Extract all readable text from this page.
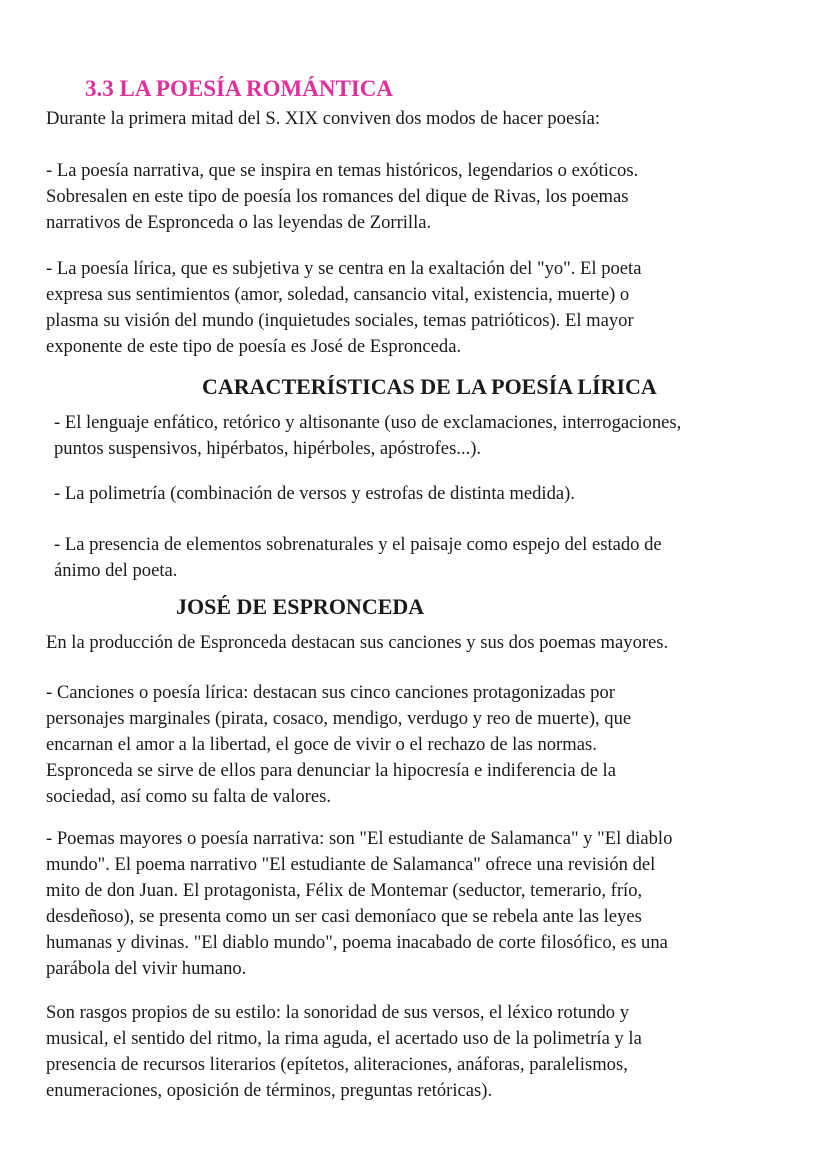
3.3 LA POESÍA ROMÁNTICA

Durante la primera mitad del S. XIX conviven dos modos de hacer poesía:

- La poesía narrativa, que se inspira en temas históricos, legendarios o exóticos.

Sobresalen en este tipo de poesía los romances del dique de Rivas, los poemas

narrativos de Espronceda o las leyendas de Zorrilla.

- La poesía lírica, que es subjetiva y se centra en la exaltación del "yo". El poeta

expresa sus sentimientos (amor, soledad, cansancio vital, existencia, muerte) o

plasma su visión del mundo (inquietudes sociales, temas patrióticos). El mayor

exponente de este tipo de poesía es José de Espronceda.

CARACTERÍSTICAS DE LA POESÍA LÍRICA

- El lenguaje enfático, retórico y altisonante (uso de exclamaciones, interrogaciones,

puntos suspensivos, hipérbatos, hipérboles, apóstrofes...).

- La polimetría (combinación de versos y estrofas de distinta medida).

- La presencia de elementos sobrenaturales y el paisaje como espejo del estado de

ánimo del poeta.

JOSÉ DE ESPRONCEDA

En la producción de Espronceda destacan sus canciones y sus dos poemas mayores.

- Canciones o poesía lírica: destacan sus cinco canciones protagonizadas por

personajes marginales (pirata, cosaco, mendigo, verdugo y reo de muerte), que

encarnan el amor a la libertad, el goce de vivir o el rechazo de las normas.

Espronceda se sirve de ellos para denunciar la hipocresía e indiferencia de la

sociedad, así como su falta de valores.

- Poemas mayores o poesía narrativa: son "El estudiante de Salamanca" y "El diablo

mundo". El poema narrativo "El estudiante de Salamanca" ofrece una revisión del

mito de don Juan. El protagonista, Félix de Montemar (seductor, temerario, frío,

desdeñoso), se presenta como un ser casi demoníaco que se rebela ante las leyes

humanas y divinas. "El diablo mundo", poema inacabado de corte filosófico, es una

parábola del vivir humano.

Son rasgos propios de su estilo: la sonoridad de sus versos, el léxico rotundo y

musical, el sentido del ritmo, la rima aguda, el acertado uso de la polimetría y la

presencia de recursos literarios (epítetos, aliteraciones, anáforas, paralelismos,

enumeraciones, oposición de términos, preguntas retóricas).
